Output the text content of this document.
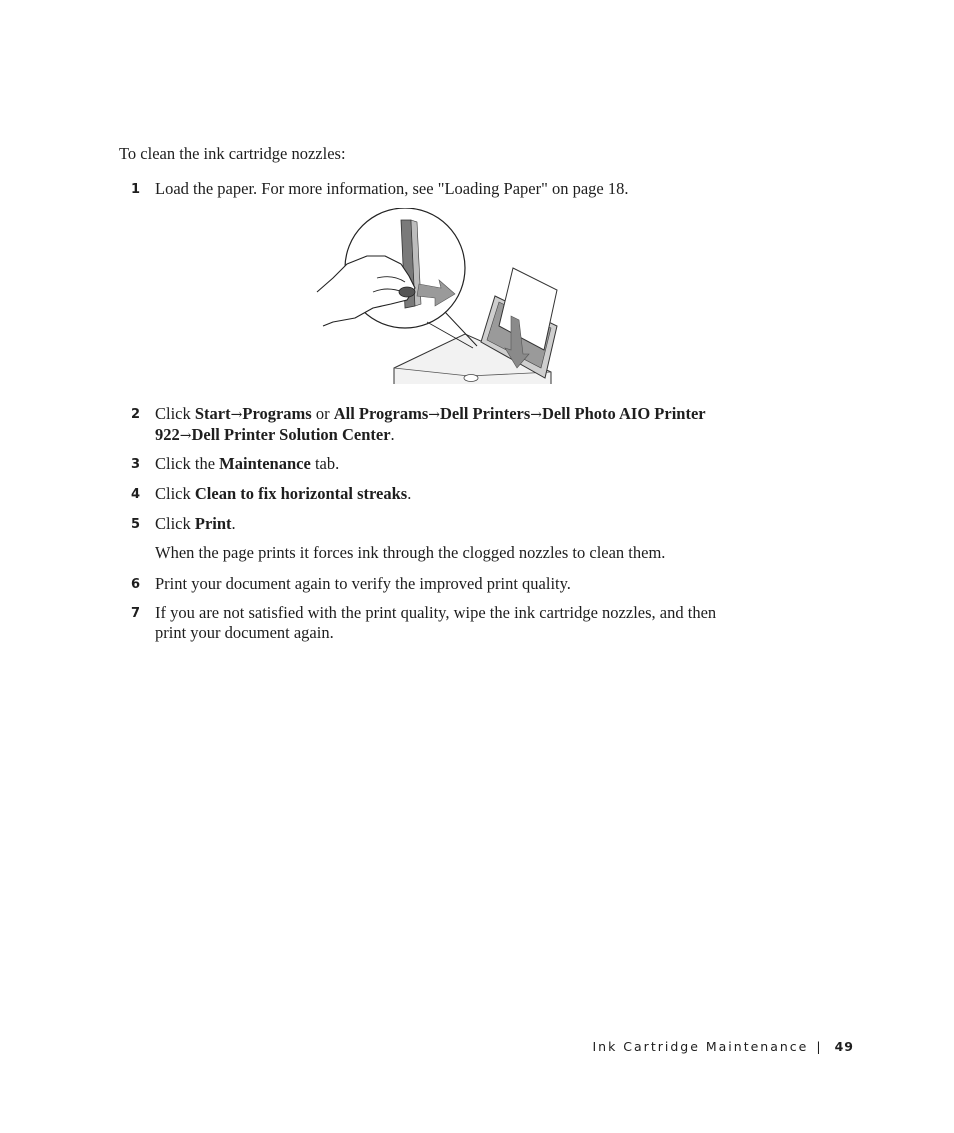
To clean the ink cartridge nozzles:

1 Load the paper. For more information, see "Loading Paper" on page 18.
2 Click Start→Programs or All Programs→Dell Printers→Dell Photo AIO Printer
922→Dell Printer Solution Center.
3 Click the Maintenance tab.
4 Click Clean to fix horizontal streaks.
5 Click Print.
When the page prints it forces ink through the clogged nozzles to clean them.
6 Print your document again to verify the improved print quality.
7 If you are not satisfied with the print quality, wipe the ink cartridge nozzles, and then
print your document again.
Ink Cartridge Maintenance | 49
